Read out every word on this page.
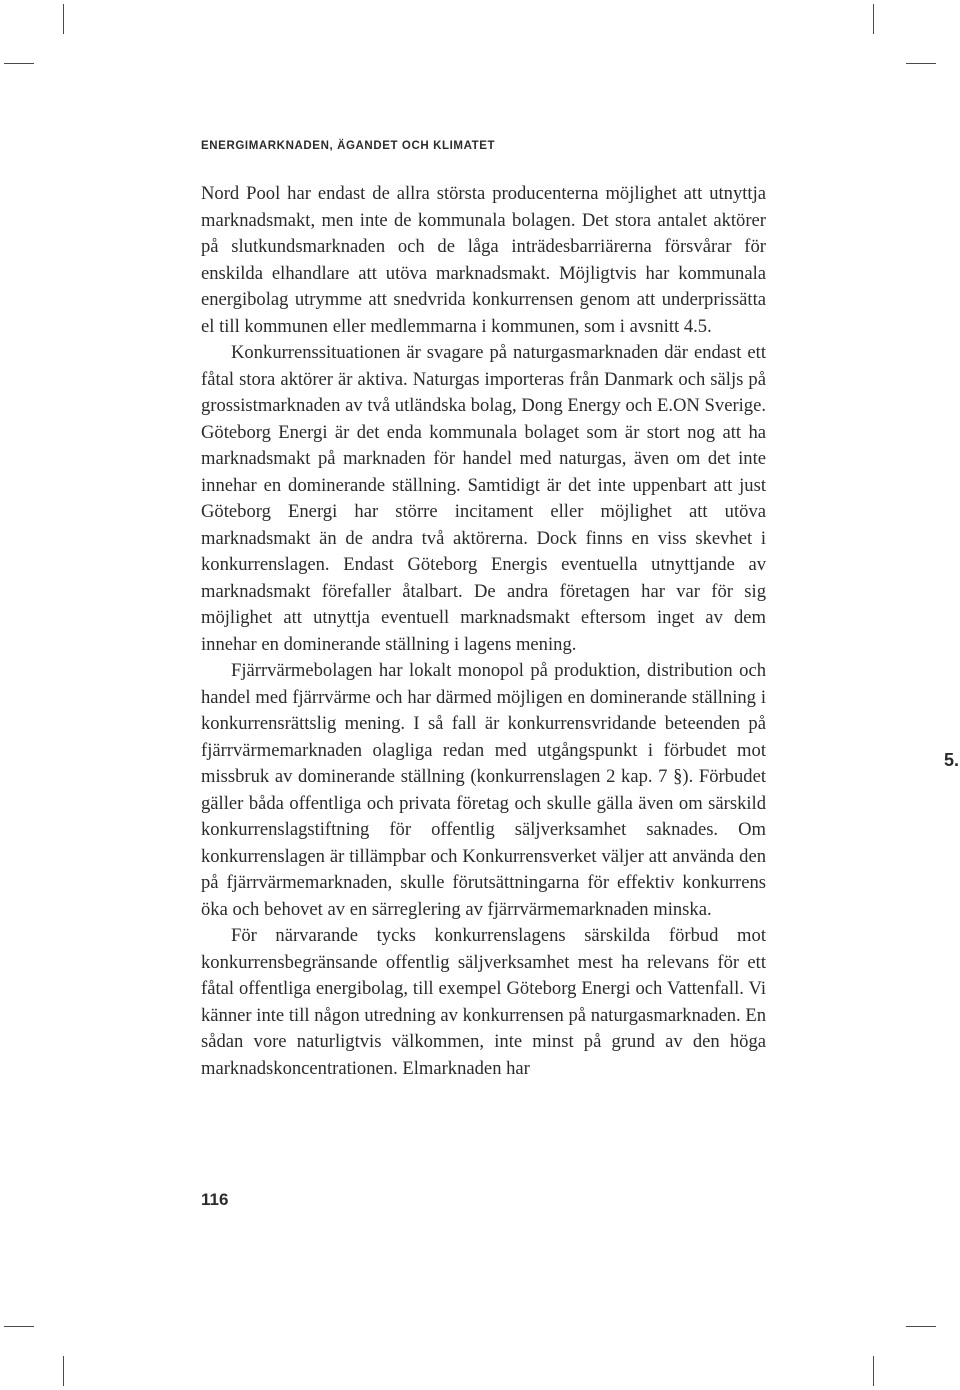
ENERGIMARKNADEN, ÄGANDET OCH KLIMATET

Nord Pool har endast de allra största producenterna möjlighet att utnyttja marknadsmakt, men inte de kommunala bolagen. Det stora antalet aktörer på slutkundsmarknaden och de låga inträdesbarriärerna försvårar för enskilda elhandlare att utöva marknadsmakt. Möjligtvis har kommunala energibolag utrymme att snedvrida konkurrensen genom att underprissätta el till kommunen eller medlemmarna i kommunen, som i avsnitt 4.5.

Konkurrenssituationen är svagare på naturgasmarknaden där endast ett fåtal stora aktörer är aktiva. Naturgas importeras från Danmark och säljs på grossistmarknaden av två utländska bolag, Dong Energy och E.ON Sverige. Göteborg Energi är det enda kommunala bolaget som är stort nog att ha marknadsmakt på marknaden för handel med naturgas, även om det inte innehar en dominerande ställning. Samtidigt är det inte uppenbart att just Göteborg Energi har större incitament eller möjlighet att utöva marknadsmakt än de andra två aktörerna. Dock finns en viss skevhet i konkurrenslagen. Endast Göteborg Energis eventuella utnyttjande av marknadsmakt förefaller åtalbart. De andra företagen har var för sig möjlighet att utnyttja eventuell marknadsmakt eftersom inget av dem innehar en dominerande ställning i lagens mening.

Fjärrvärmebolagen har lokalt monopol på produktion, distribution och handel med fjärrvärme och har därmed möjligen en dominerande ställning i konkurrensrättslig mening. I så fall är konkurrensvridande beteenden på fjärrvärmemarknaden olagliga redan med utgångspunkt i förbudet mot missbruk av dominerande ställning (konkurrenslagen 2 kap. 7 §). Förbudet gäller båda offentliga och privata företag och skulle gälla även om särskild konkurrenslagstiftning för offentlig säljverksamhet saknades. Om konkurrenslagen är tillämpbar och Konkurrensverket väljer att använda den på fjärrvärmemarknaden, skulle förutsättningarna för effektiv konkurrens öka och behovet av en särreglering av fjärrvärmemarknaden minska.

För närvarande tycks konkurrenslagens särskilda förbud mot konkurrensbegränsande offentlig säljverksamhet mest ha relevans för ett fåtal offentliga energibolag, till exempel Göteborg Energi och Vattenfall. Vi känner inte till någon utredning av konkurrensen på naturgasmarknaden. En sådan vore naturligtvis välkommen, inte minst på grund av den höga marknadskoncentrationen. Elmarknaden har

5.
116
